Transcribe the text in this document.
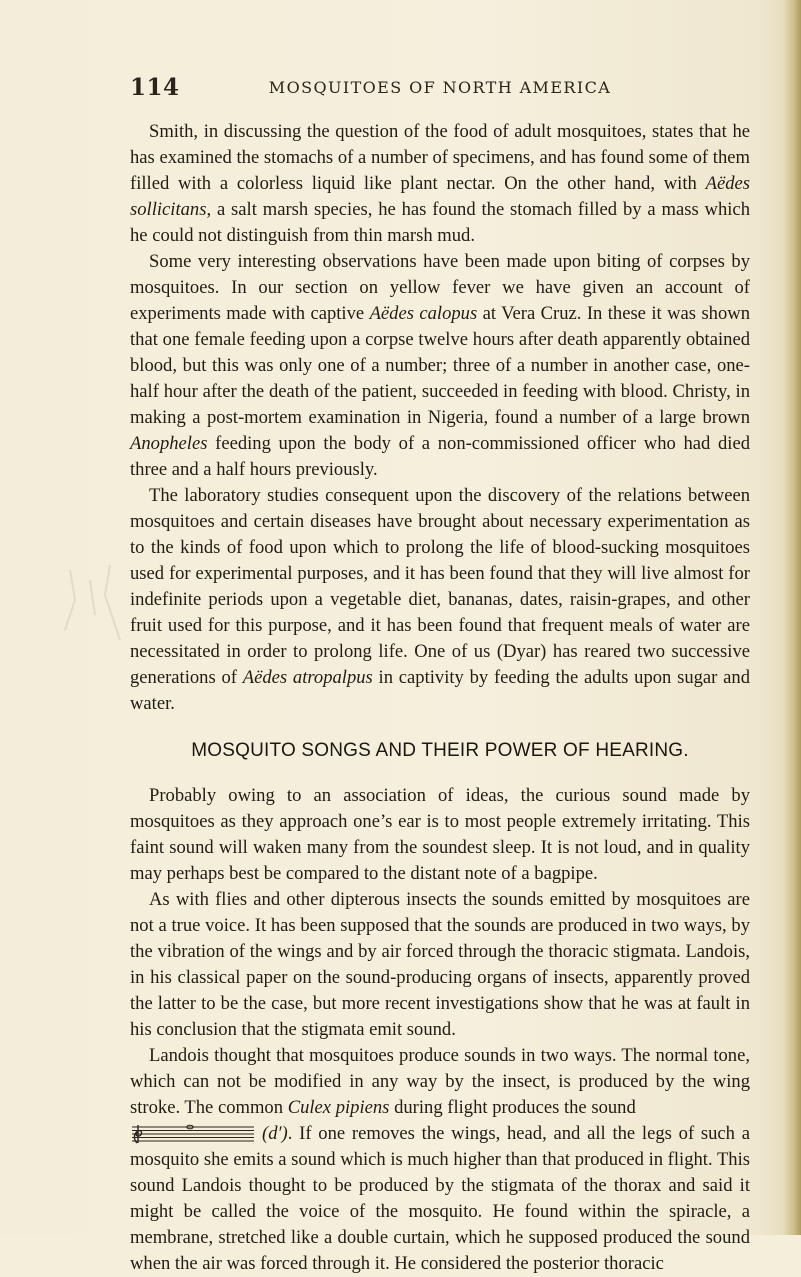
114	MOSQUITOES OF NORTH AMERICA

Smith, in discussing the question of the food of adult mosquitoes, states that he has examined the stomachs of a number of specimens, and has found some of them filled with a colorless liquid like plant nectar. On the other hand, with Aëdes sollicitans, a salt marsh species, he has found the stomach filled by a mass which he could not distinguish from thin marsh mud.

Some very interesting observations have been made upon biting of corpses by mosquitoes. In our section on yellow fever we have given an account of experiments made with captive Aëdes calopus at Vera Cruz. In these it was shown that one female feeding upon a corpse twelve hours after death apparently obtained blood, but this was only one of a number; three of a number in another case, one-half hour after the death of the patient, succeeded in feeding with blood. Christy, in making a post-mortem examination in Nigeria, found a number of a large brown Anopheles feeding upon the body of a non-commissioned officer who had died three and a half hours previously.

The laboratory studies consequent upon the discovery of the relations between mosquitoes and certain diseases have brought about necessary experimentation as to the kinds of food upon which to prolong the life of blood-sucking mosquitoes used for experimental purposes, and it has been found that they will live almost for indefinite periods upon a vegetable diet, bananas, dates, raisin-grapes, and other fruit used for this purpose, and it has been found that frequent meals of water are necessitated in order to prolong life. One of us (Dyar) has reared two successive generations of Aëdes atropalpus in captivity by feeding the adults upon sugar and water.

MOSQUITO SONGS AND THEIR POWER OF HEARING.

Probably owing to an association of ideas, the curious sound made by mosquitoes as they approach one’s ear is to most people extremely irritating. This faint sound will waken many from the soundest sleep. It is not loud, and in quality may perhaps best be compared to the distant note of a bagpipe.

As with flies and other dipterous insects the sounds emitted by mosquitoes are not a true voice. It has been supposed that the sounds are produced in two ways, by the vibration of the wings and by air forced through the thoracic stigmata. Landois, in his classical paper on the sound-producing organs of insects, apparently proved the latter to be the case, but more recent investigations show that he was at fault in his conclusion that the stigmata emit sound.

Landois thought that mosquitoes produce sounds in two ways. The normal tone, which can not be modified in any way by the insect, is produced by the wing stroke. The common Culex pipiens during flight produces the sound

(d′). If one removes the wings, head, and all the legs of such a mosquito she emits a sound which is much higher than that produced in flight. This sound Landois thought to be produced by the stigmata of the thorax and said it might be called the voice of the mosquito. He found within the spiracle, a membrane, stretched like a double curtain, which he supposed produced the sound when the air was forced through it. He considered the posterior thoracic
